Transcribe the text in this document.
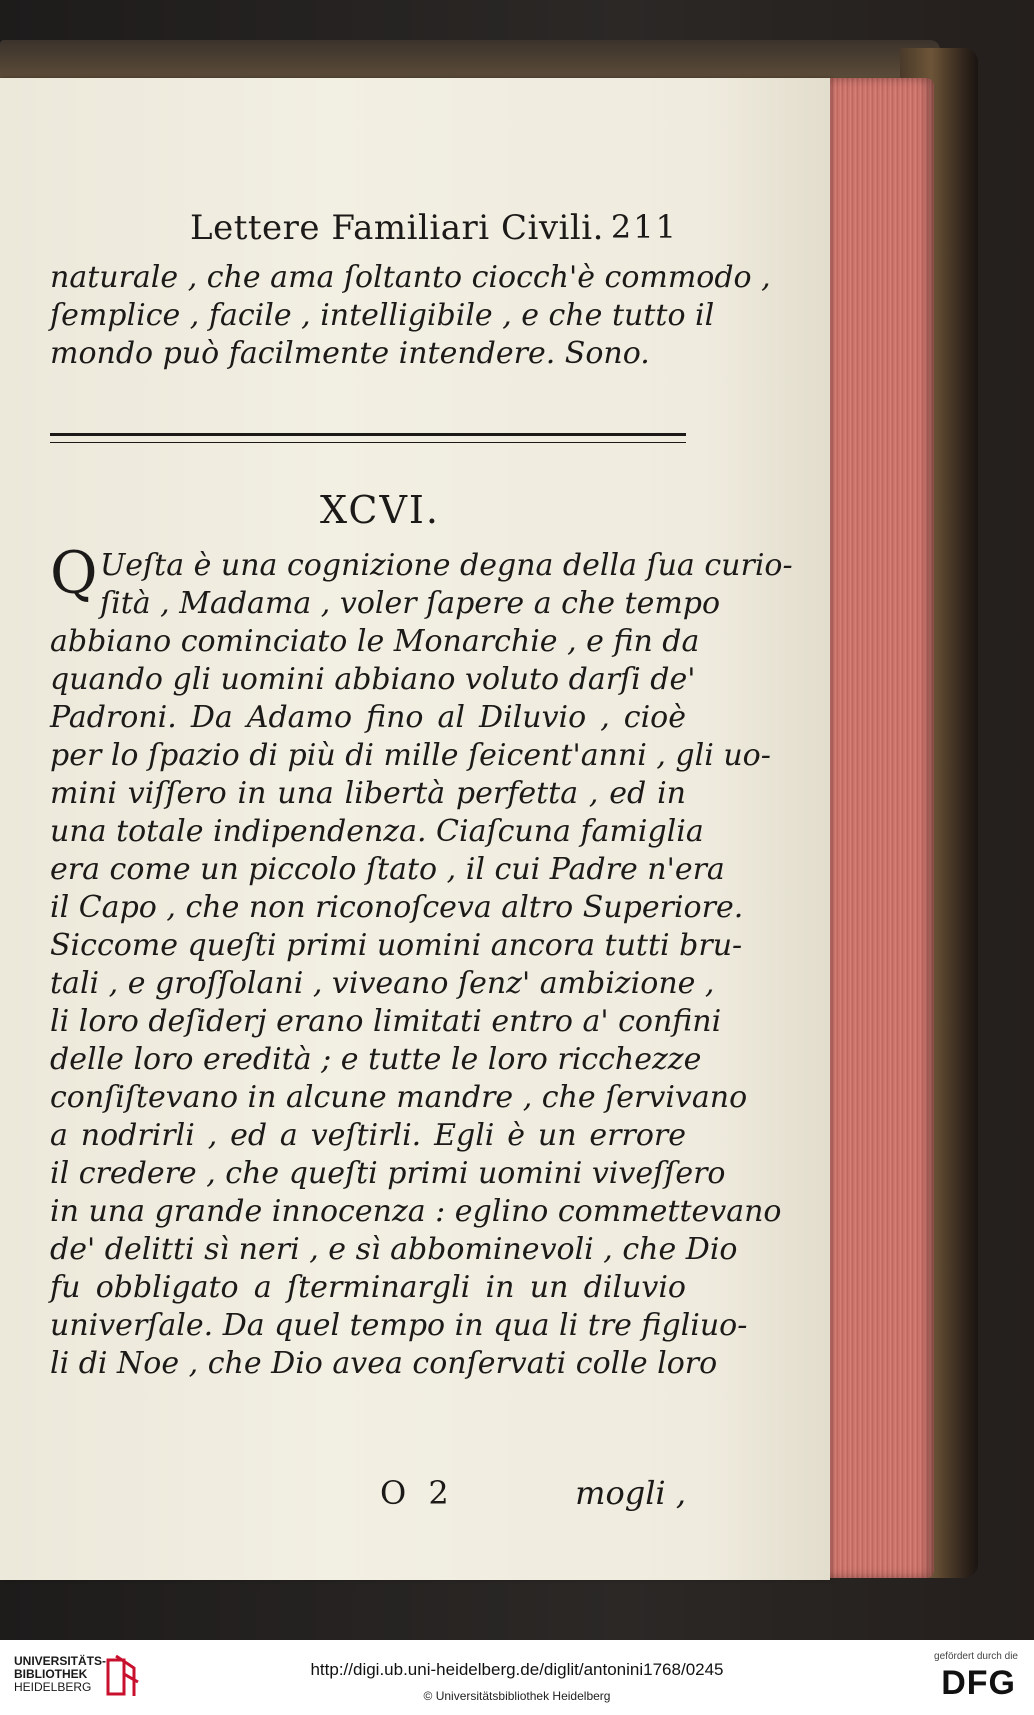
Lettere Familiari Civili. 211
naturale , che ama ſoltanto ciocch'è commodo ,
ſemplice , facile , intelligibile , e che tutto il
mondo può facilmente intendere. Sono.
XCVI.
Q Ueſta è una cognizione degna della ſua curio-
ſità , Madama , voler ſapere a che tempo
abbiano cominciato le Monarchie , e fin da
quando gli uomini abbiano voluto darſi de'
Padroni. Da Adamo fino al Diluvio , cioè
per lo ſpazio di più di mille ſeicent'anni , gli uo-
mini viſſero in una libertà perfetta , ed in
una totale indipendenza. Ciaſcuna famiglia
era come un piccolo ſtato , il cui Padre n'era
il Capo , che non riconoſceva altro Superiore.
Siccome queſti primi uomini ancora tutti bru-
tali , e groſſolani , viveano ſenz' ambizione ,
li loro deſiderj erano limitati entro a' confini
delle loro eredità ; e tutte le loro ricchezze
conſiſtevano in alcune mandre , che ſervivano
a nodrirli , ed a veſtirli. Egli è un errore
il credere , che queſti primi uomini viveſſero
in una grande innocenza : eglino commettevano
de' delitti sì neri , e sì abbominevoli , che Dio
fu obbligato a ſterminargli in un diluvio
univerſale. Da quel tempo in qua li tre figliuo-
li di Noe , che Dio avea conſervati colle loro
O 2	mogli ,
UNIVERSITÄTS-
BIBLIOTHEK
HEIDELBERG
http://digi.ub.uni-heidelberg.de/diglit/antonini1768/0245
© Universitätsbibliothek Heidelberg
gefördert durch die
DFG
